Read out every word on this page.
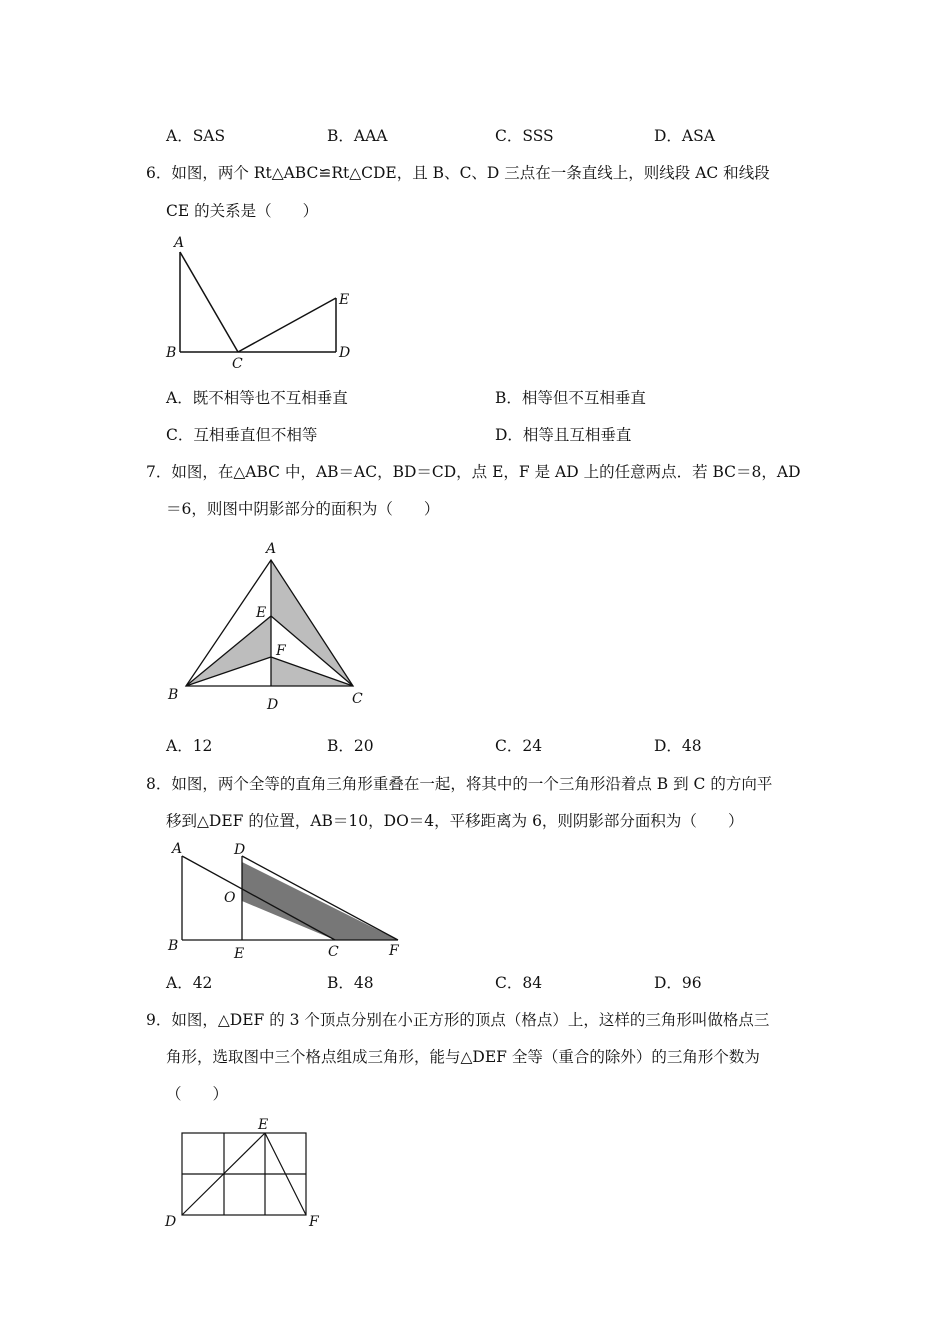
A．SAS	B．AAA	C．SSS	D．ASA
6．如图，两个 Rt△ABC≌Rt△CDE，且 B、C、D 三点在一条直线上，则线段 AC 和线段
CE 的关系是（　　）
A
B
C
D
E
A．既不相等也不互相垂直	B．相等但不互相垂直
C．互相垂直但不相等	D．相等且互相垂直
7．如图，在△ABC 中，AB＝AC，BD＝CD，点 E，F 是 AD 上的任意两点．若 BC＝8，AD
＝6，则图中阴影部分的面积为（　　）
A
B	C
D
E
F
A．12	B．20	C．24	D．48
8．如图，两个全等的直角三角形重叠在一起，将其中的一个三角形沿着点 B 到 C 的方向平
移到△DEF 的位置，AB＝10，DO＝4，平移距离为 6，则阴影部分面积为（　　）
A
B	C
D
E	F
O
A．42	B．48	C．84	D．96
9．如图，△DEF 的 3 个顶点分别在小正方形的顶点（格点）上，这样的三角形叫做格点三
角形，选取图中三个格点组成三角形，能与△DEF 全等（重合的除外）的三角形个数为
（　　）
E
D	F
